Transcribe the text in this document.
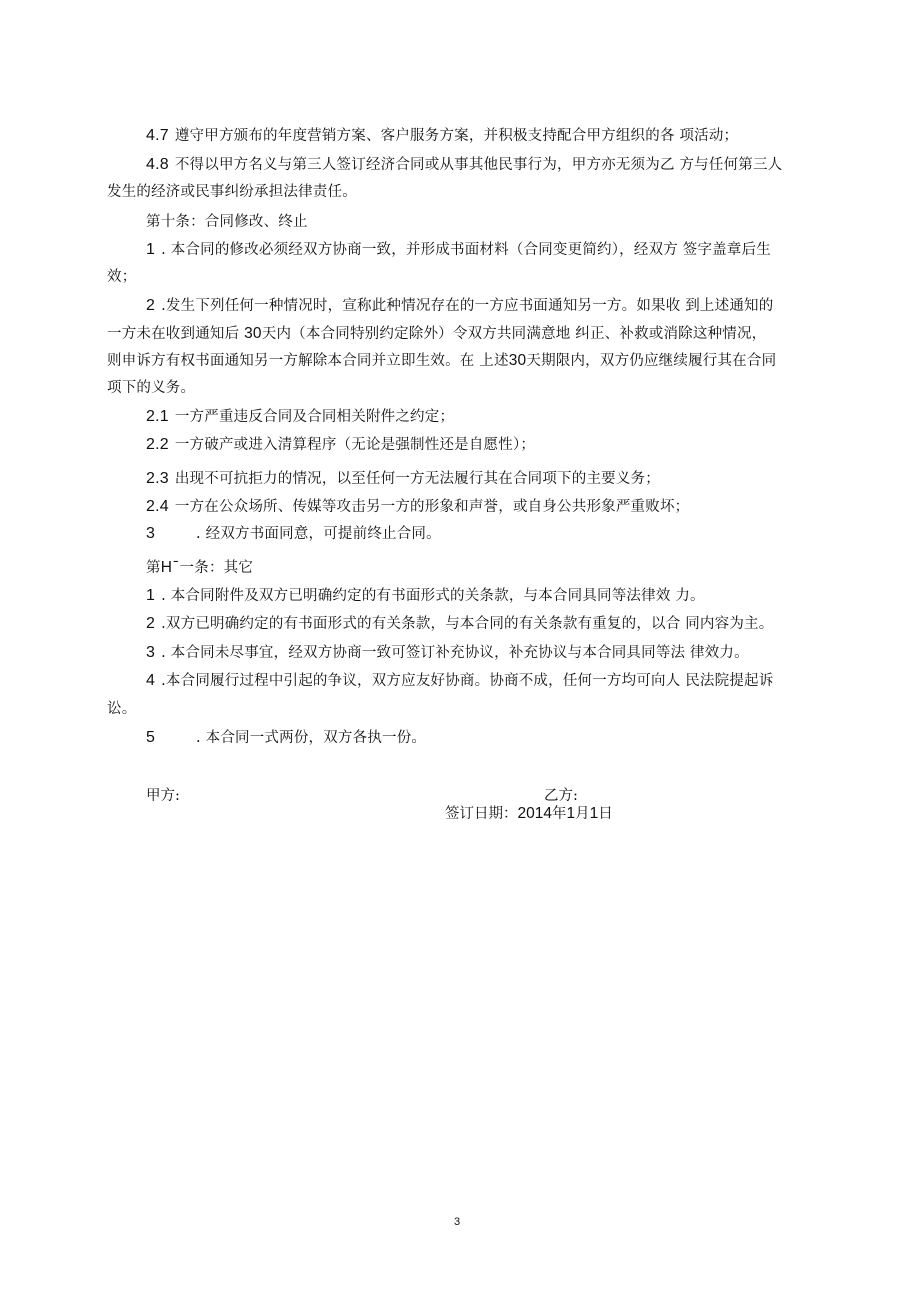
4.7 遵守甲方颁布的年度营销方案、客户服务方案，并积极支持配合甲方组织的各 项活动；
4.8 不得以甲方名义与第三人签订经济合同或从事其他民事行为，甲方亦无须为乙 方与任何第三人
发生的经济或民事纠纷承担法律责任。
第十条：合同修改、终止
1 . 本合同的修改必须经双方协商一致，并形成书面材料（合同变更简约），经双方 签字盖章后生
效；
2 .发生下列任何一种情况时，宣称此种情况存在的一方应书面通知另一方。如果收 到上述通知的
一方未在收到通知后 30天内（本合同特别约定除外）令双方共同满意地 纠正、补救或消除这种情况，
则申诉方有权书面通知另一方解除本合同并立即生效。在 上述30天期限内，双方仍应继续履行其在合同
项下的义务。
2.1 一方严重违反合同及合同相关附件之约定；
2.2 一方破产或进入清算程序（无论是强制性还是自愿性）；
2.3 出现不可抗拒力的情况，以至任何一方无法履行其在合同项下的主要义务；
2.4 一方在公众场所、传媒等攻击另一方的形象和声誉，或自身公共形象严重败坏；
3	. 经双方书面同意，可提前终止合同。
第Hˉ一条：其它
1 . 本合同附件及双方已明确约定的有书面形式的关条款，与本合同具同等法律效 力。
2 .双方已明确约定的有书面形式的有关条款，与本合同的有关条款有重复的，以合 同内容为主。
3 . 本合同未尽事宜，经双方协商一致可签订补充协议，补充协议与本合同具同等法 律效力。
4 .本合同履行过程中引起的争议，双方应友好协商。协商不成，任何一方均可向人 民法院提起诉
讼。
5	. 本合同一式两份，双方各执一份。
甲方:	乙方:
签订日期：2014年1月1日
3
